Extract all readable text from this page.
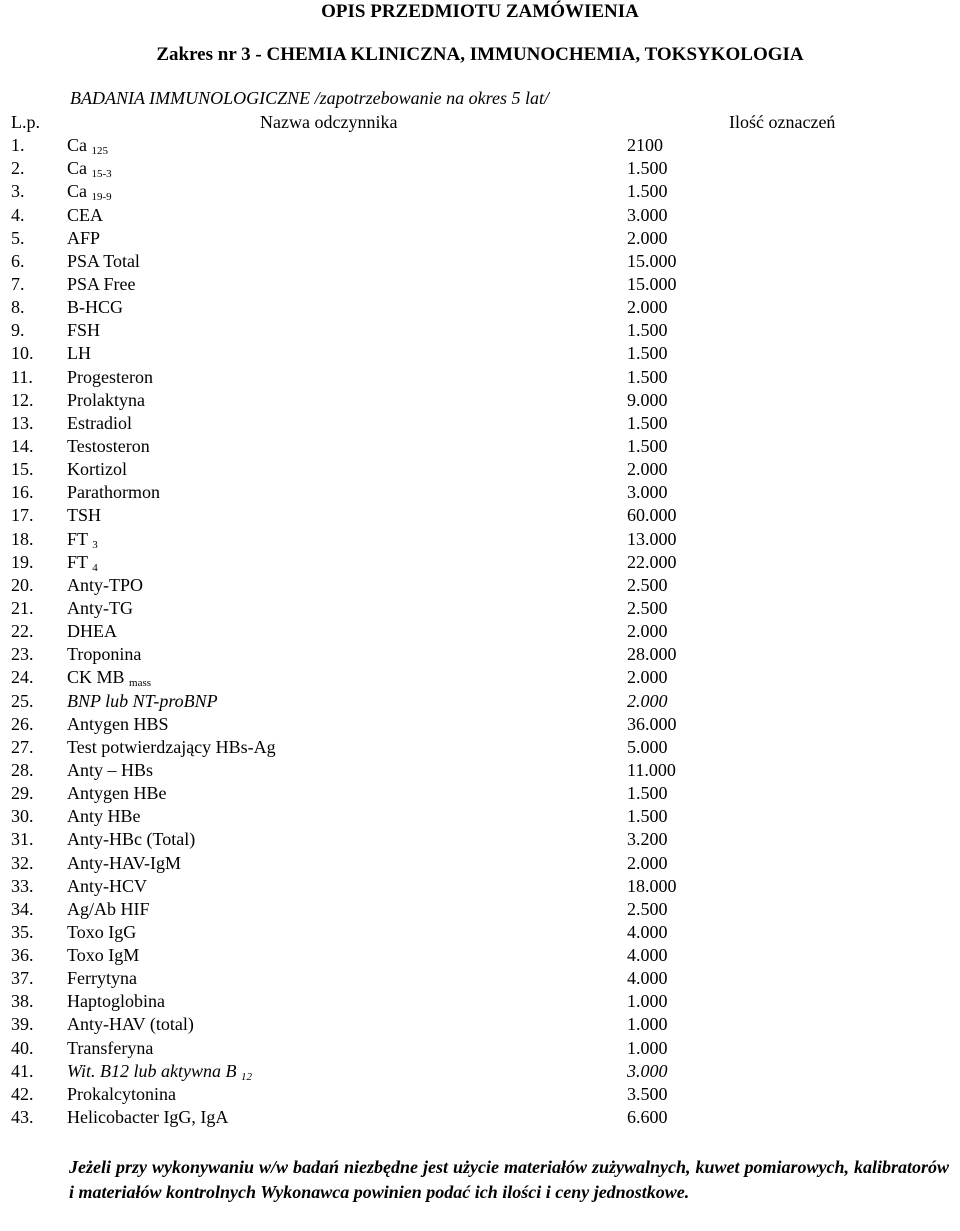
OPIS PRZEDMIOTU ZAMÓWIENIA
Zakres nr 3 - CHEMIA KLINICZNA, IMMUNOCHEMIA, TOKSYKOLOGIA
BADANIA IMMUNOLOGICZNE /zapotrzebowanie na okres 5 lat/
L.p.	Nazwa odczynnika	Ilość oznaczeń
1. Ca $_{125}$	2100
2. Ca $_{15-3}$	1.500
3. Ca $_{19-9}$	1.500
4. CEA	3.000
5. AFP	2.000
6. PSA Total	15.000
7. PSA Free	15.000
8. B-HCG	2.000
9. FSH	1.500
10. LH	1.500
11. Progesteron	1.500
12. Prolaktyna	9.000
13. Estradiol	1.500
14. Testosteron	1.500
15. Kortizol	2.000
16. Parathormon	3.000
17. TSH	60.000
18. FT $_3$	13.000
19. FT $_4$	22.000
20. Anty-TPO	2.500
21. Anty-TG	2.500
22. DHEA	2.000
23. Troponina	28.000
24. CK MB $_{mass}$	2.000
25. BNP lub NT-proBNP	2.000
26. Antygen HBS	36.000
27. Test potwierdzający HBs-Ag	5.000
28. Anty – HBs	11.000
29. Antygen HBe	1.500
30. Anty HBe	1.500
31. Anty-HBc (Total)	3.200
32. Anty-HAV-IgM	2.000
33. Anty-HCV	18.000
34. Ag/Ab HIF	2.500
35. Toxo IgG	4.000
36. Toxo IgM	4.000
37. Ferrytyna	4.000
38. Haptoglobina	1.000
39. Anty-HAV (total)	1.000
40. Transferyna	1.000
41. Wit. B12 lub aktywna B $_{12}$	3.000
42. Prokalcytonina	3.500
43. Helicobacter IgG, IgA	6.600
Jeżeli przy wykonywaniu w/w badań niezbędne jest użycie materiałów zużywalnych, kuwet pomiarowych, kalibratorów i materiałów kontrolnych Wykonawca powinien podać ich ilości i ceny jednostkowe.
